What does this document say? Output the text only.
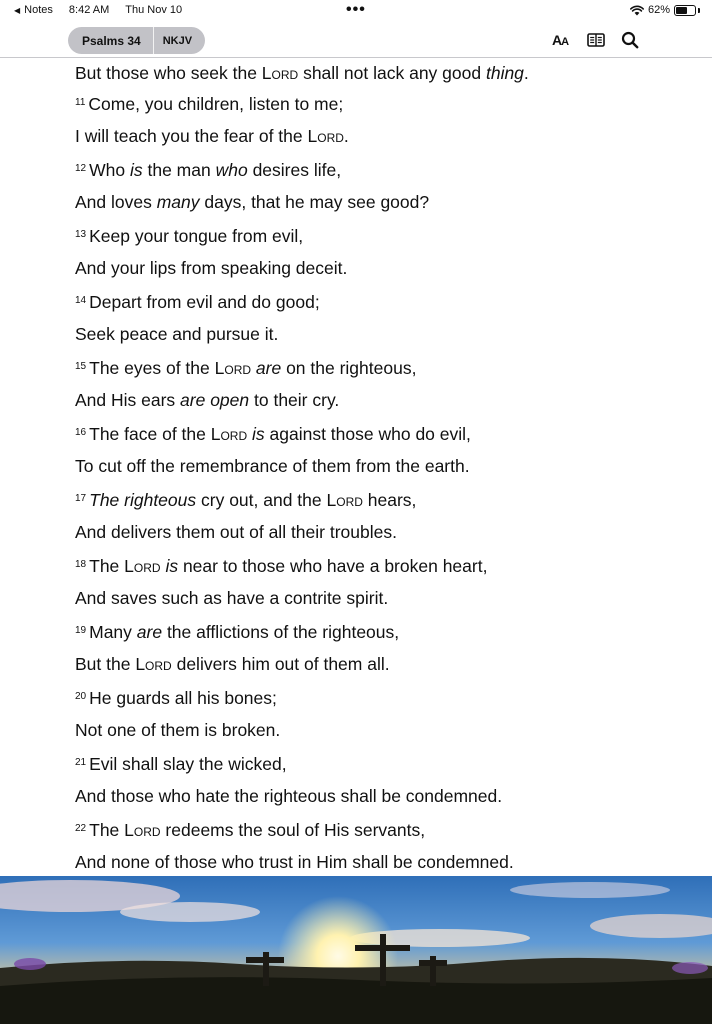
◀ Notes 8:42 AM Thu Nov 10	•••	62%
Psalms 34	NKJV	AA
But those who seek the Lord shall not lack any good thing.
$^{11}$ Come, you children, listen to me;
I will teach you the fear of the Lord.
$^{12}$ Who is the man who desires life,
And loves many days, that he may see good?
$^{13}$ Keep your tongue from evil,
And your lips from speaking deceit.
$^{14}$ Depart from evil and do good;
Seek peace and pursue it.
$^{15}$ The eyes of the Lord are on the righteous,
And His ears are open to their cry.
$^{16}$ The face of the Lord is against those who do evil,
To cut off the remembrance of them from the earth.
$^{17}$ The righteous cry out, and the Lord hears,
And delivers them out of all their troubles.
$^{18}$ The Lord is near to those who have a broken heart,
And saves such as have a contrite spirit.
$^{19}$ Many are the afflictions of the righteous,
But the Lord delivers him out of them all.
$^{20}$ He guards all his bones;
Not one of them is broken.
$^{21}$ Evil shall slay the wicked,
And those who hate the righteous shall be condemned.
$^{22}$ The Lord redeems the soul of His servants,
And none of those who trust in Him shall be condemned.
